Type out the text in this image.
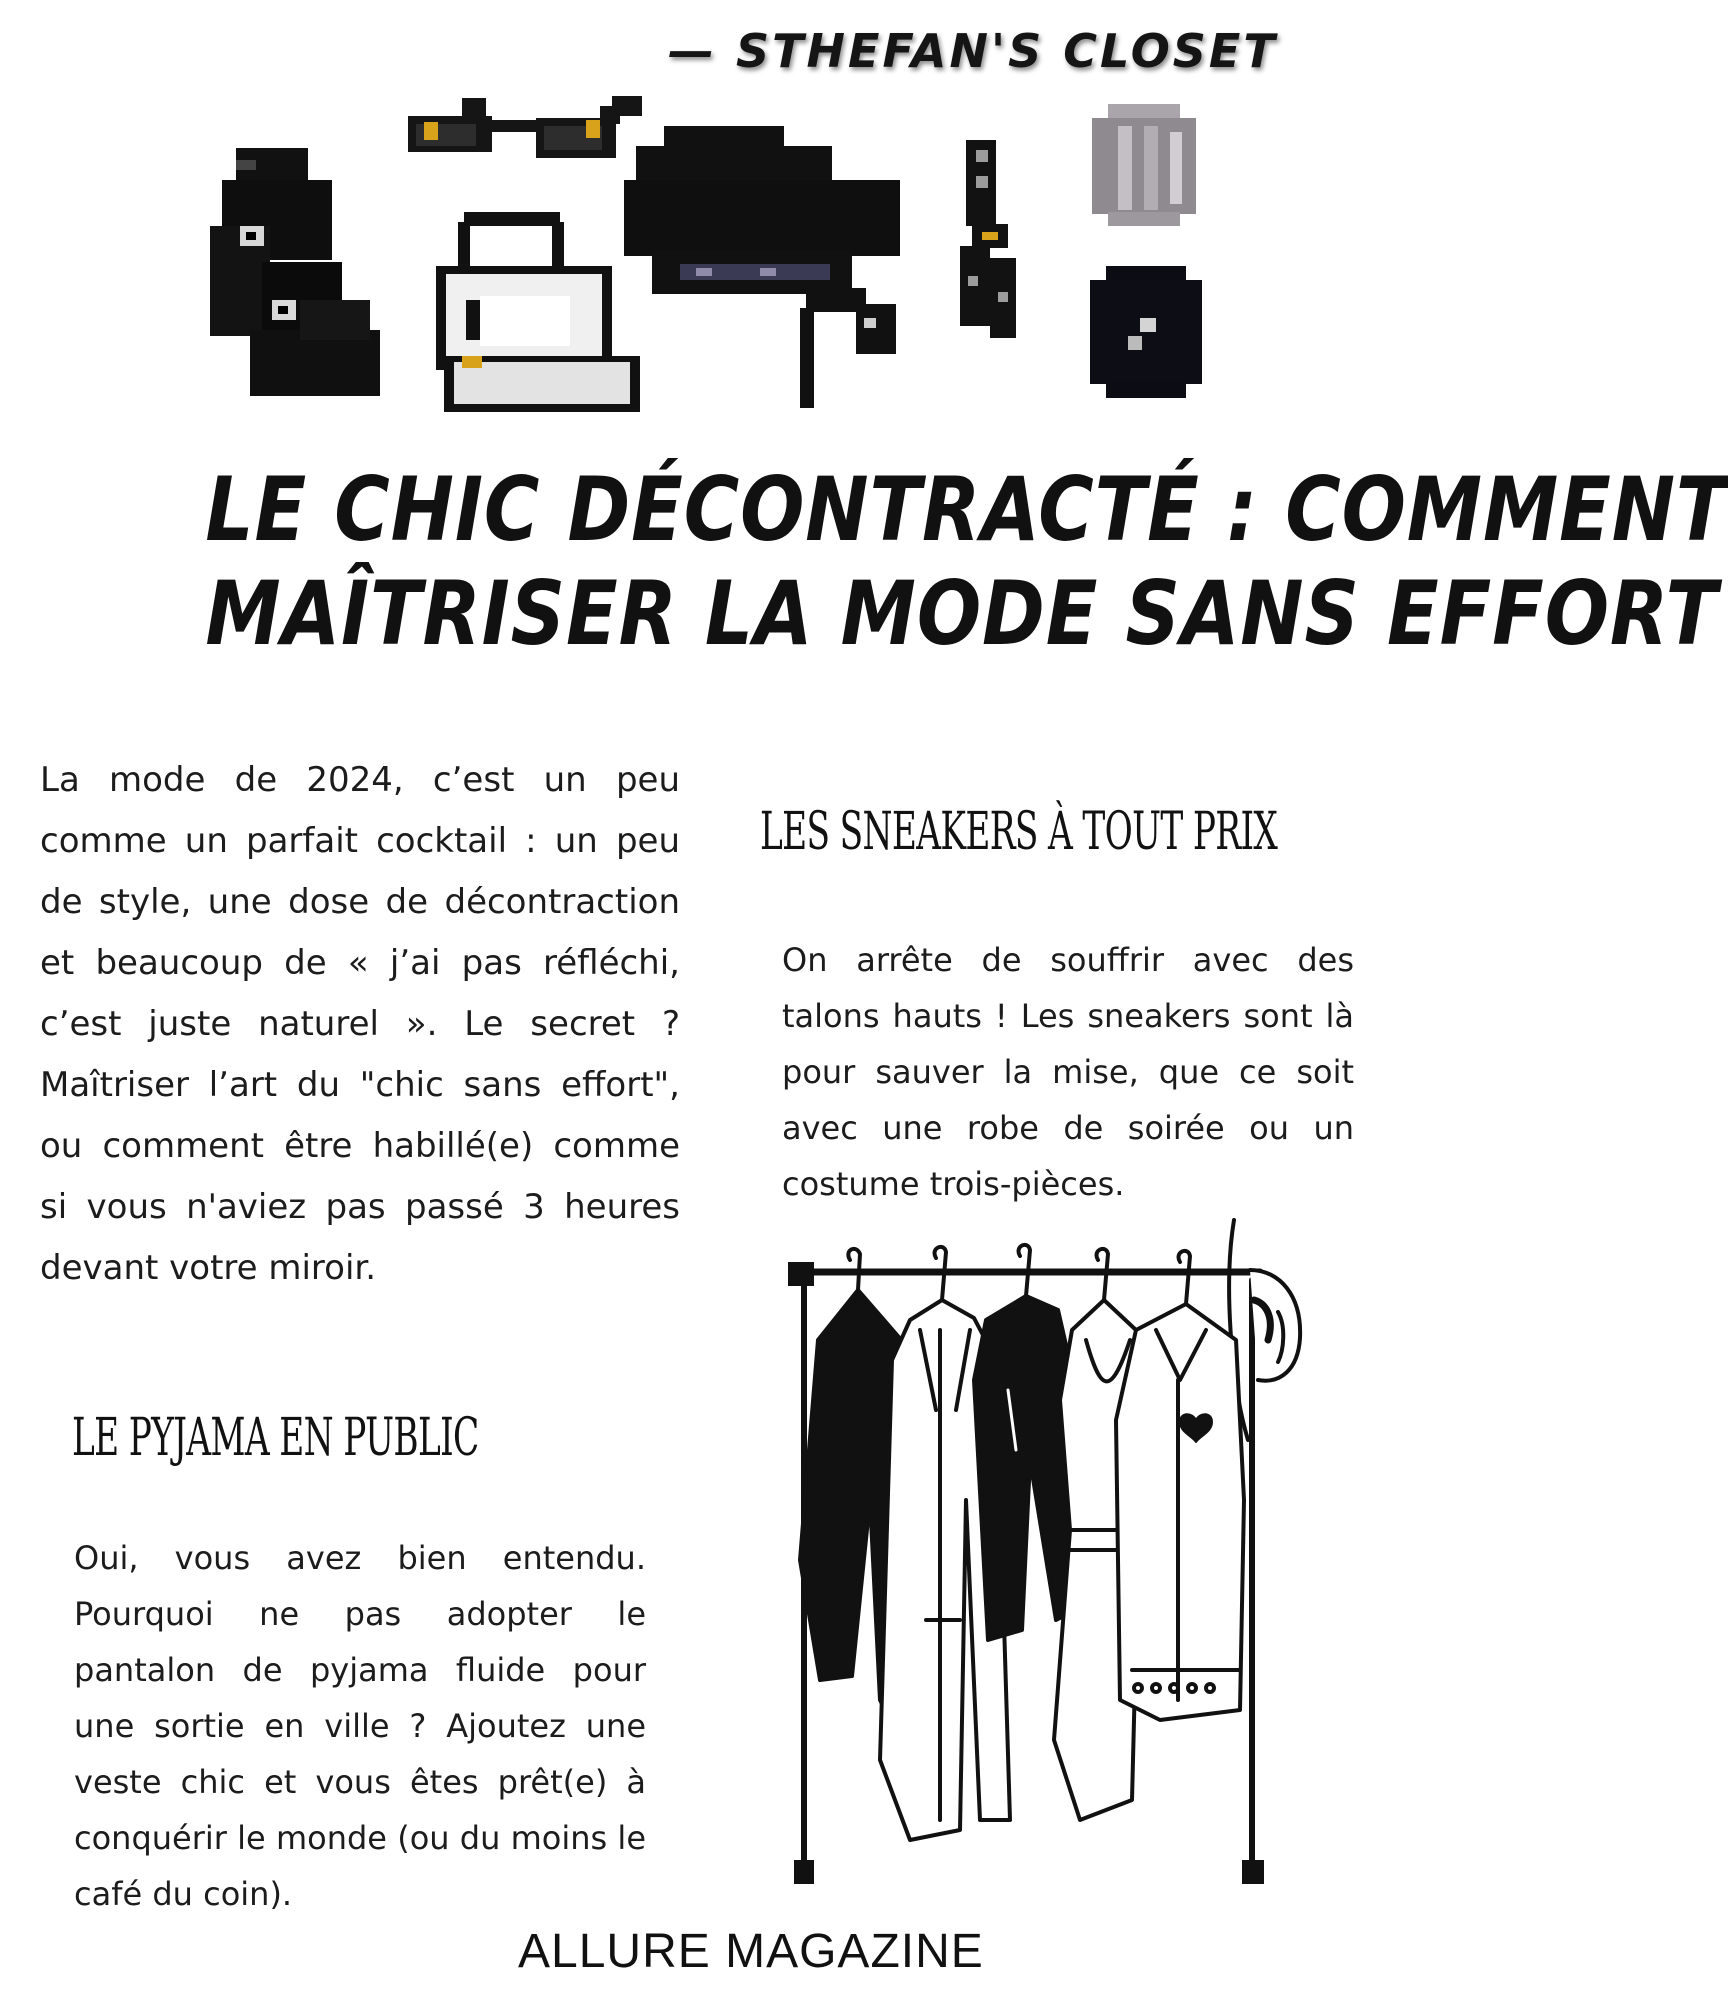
— STHEFAN'S CLOSET
LE CHIC DÉCONTRACTÉ : COMMENT
MAÎTRISER LA MODE SANS EFFORT
La mode de 2024, c’est un peu comme un parfait cocktail : un peu de style, une dose de décontraction et beaucoup de « j’ai pas réfléchi, c’est juste naturel ». Le secret ? Maîtriser l’art du "chic sans effort", ou comment être habillé(e) comme si vous n'aviez pas passé 3 heures devant votre miroir.
LES SNEAKERS À TOUT PRIX
On arrête de souffrir avec des talons hauts ! Les sneakers sont là pour sauver la mise, que ce soit avec une robe de soirée ou un costume trois-pièces.
LE PYJAMA EN PUBLIC
Oui, vous avez bien entendu. Pourquoi ne pas adopter le pantalon de pyjama fluide pour une sortie en ville ? Ajoutez une veste chic et vous êtes prêt(e) à conquérir le monde (ou du moins le café du coin).
ALLURE MAGAZINE
